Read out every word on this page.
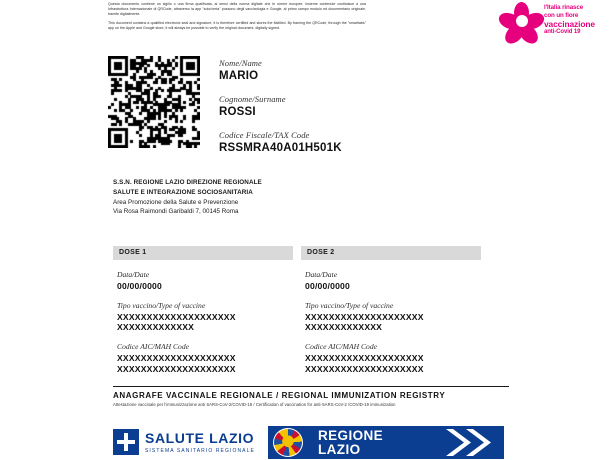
Questa documento contiene un sigillo o una firma qualificata, ai sensi della norma digitale che le norme europee, insieme contenute costituisce a una Infrastruttura Internazionale di QRCode, attraverso la app "solo/certa" possono degli vaccinologia e Google, al primo campo modulo ed documentario originale, tramite digitalmente.

This document contains a qualified electronic seal and signature, it is therefore certified and stores the flatMed. By framing the QRCode, through the "smartlabs" app on the Apple and Google store, it will always be possible to verify the original document, digitally signed.

l'Italia rinasce
con un fiore
vaccinazione
anti-Covid 19
Nome/Name
MARIO
Cognome/Surname
ROSSI
Codice Fiscale/TAX Code
RSSMRA40A01H501K
S.S.N. REGIONE LAZIO DIREZIONE REGIONALE
SALUTE E INTEGRAZIONE SOCIOSANITARIA
Area Promozione della Salute e Prevenzione
Via Rosa Raimondi Garibaldi 7, 00145 Roma
DOSE 1
Data/Date
00/00/0000
Tipo vaccino/Type of vaccine
XXXXXXXXXXXXXXXXXXXX
XXXXXXXXXXXXX
Codice AIC/MAH Code
XXXXXXXXXXXXXXXXXXXX
XXXXXXXXXXXXXXXXXXXX
DOSE 2
Data/Date
00/00/0000
Tipo vaccino/Type of vaccine
XXXXXXXXXXXXXXXXXXXX
XXXXXXXXXXXXX
Codice AIC/MAH Code
XXXXXXXXXXXXXXXXXXXX
XXXXXXXXXXXXXXXXXXXX
ANAGRAFE VACCINALE REGIONALE / REGIONAL IMMUNIZATION REGISTRY
Attestazione vaccinale per l'immunizzazione anti SARS-CoV-2/COVID-19 / Certification of vaccination for anti-SARS-CoV-2 /COVID-19 immunization
SALUTE LAZIO
SISTEMA SANITARIO REGIONALE
REGIONE
LAZIO
